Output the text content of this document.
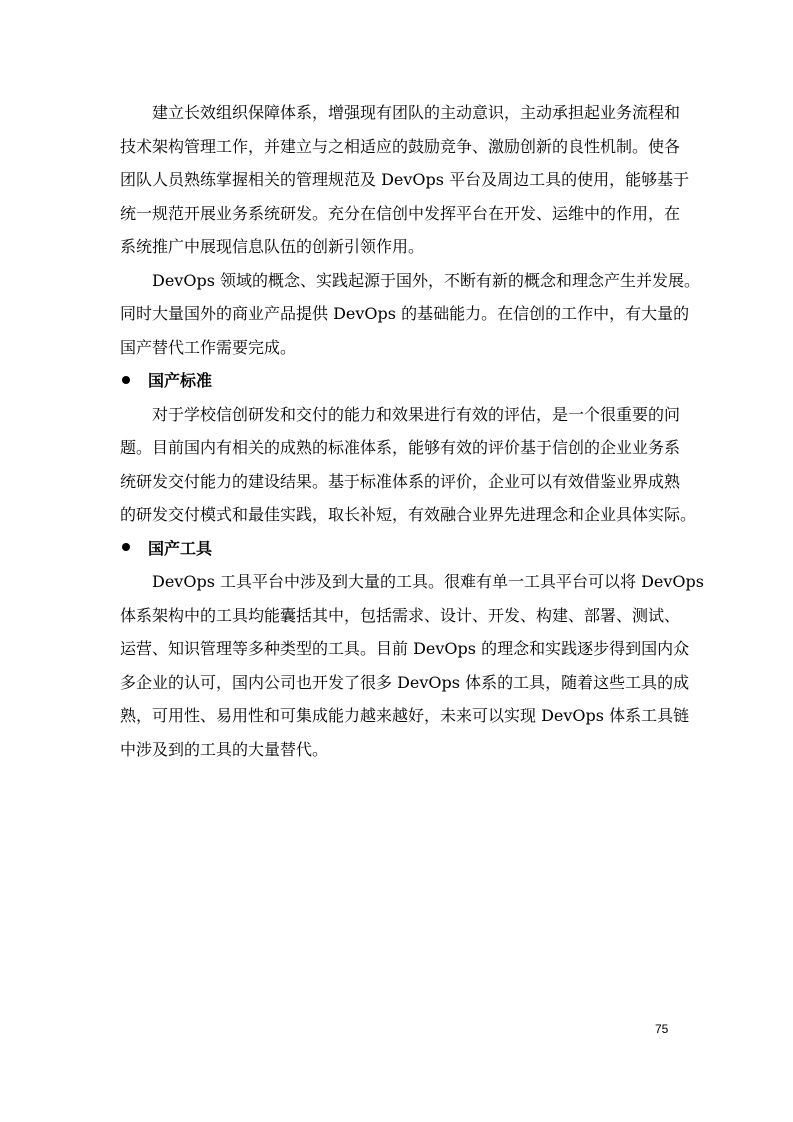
建立长效组织保障体系，增强现有团队的主动意识，主动承担起业务流程和
技术架构管理工作，并建立与之相适应的鼓励竞争、激励创新的良性机制。使各
团队人员熟练掌握相关的管理规范及 DevOps 平台及周边工具的使用，能够基于
统一规范开展业务系统研发。充分在信创中发挥平台在开发、运维中的作用，在
系统推广中展现信息队伍的创新引领作用。
DevOps 领域的概念、实践起源于国外，不断有新的概念和理念产生并发展。
同时大量国外的商业产品提供 DevOps 的基础能力。在信创的工作中，有大量的
国产替代工作需要完成。
国产标准
对于学校信创研发和交付的能力和效果进行有效的评估，是一个很重要的问
题。目前国内有相关的成熟的标准体系，能够有效的评价基于信创的企业业务系
统研发交付能力的建设结果。基于标准体系的评价，企业可以有效借鉴业界成熟
的研发交付模式和最佳实践，取长补短，有效融合业界先进理念和企业具体实际。
国产工具
DevOps 工具平台中涉及到大量的工具。很难有单一工具平台可以将 DevOps
体系架构中的工具均能囊括其中，包括需求、设计、开发、构建、部署、测试、
运营、知识管理等多种类型的工具。目前 DevOps 的理念和实践逐步得到国内众
多企业的认可，国内公司也开发了很多 DevOps 体系的工具，随着这些工具的成
熟，可用性、易用性和可集成能力越来越好，未来可以实现 DevOps 体系工具链
中涉及到的工具的大量替代。
75
